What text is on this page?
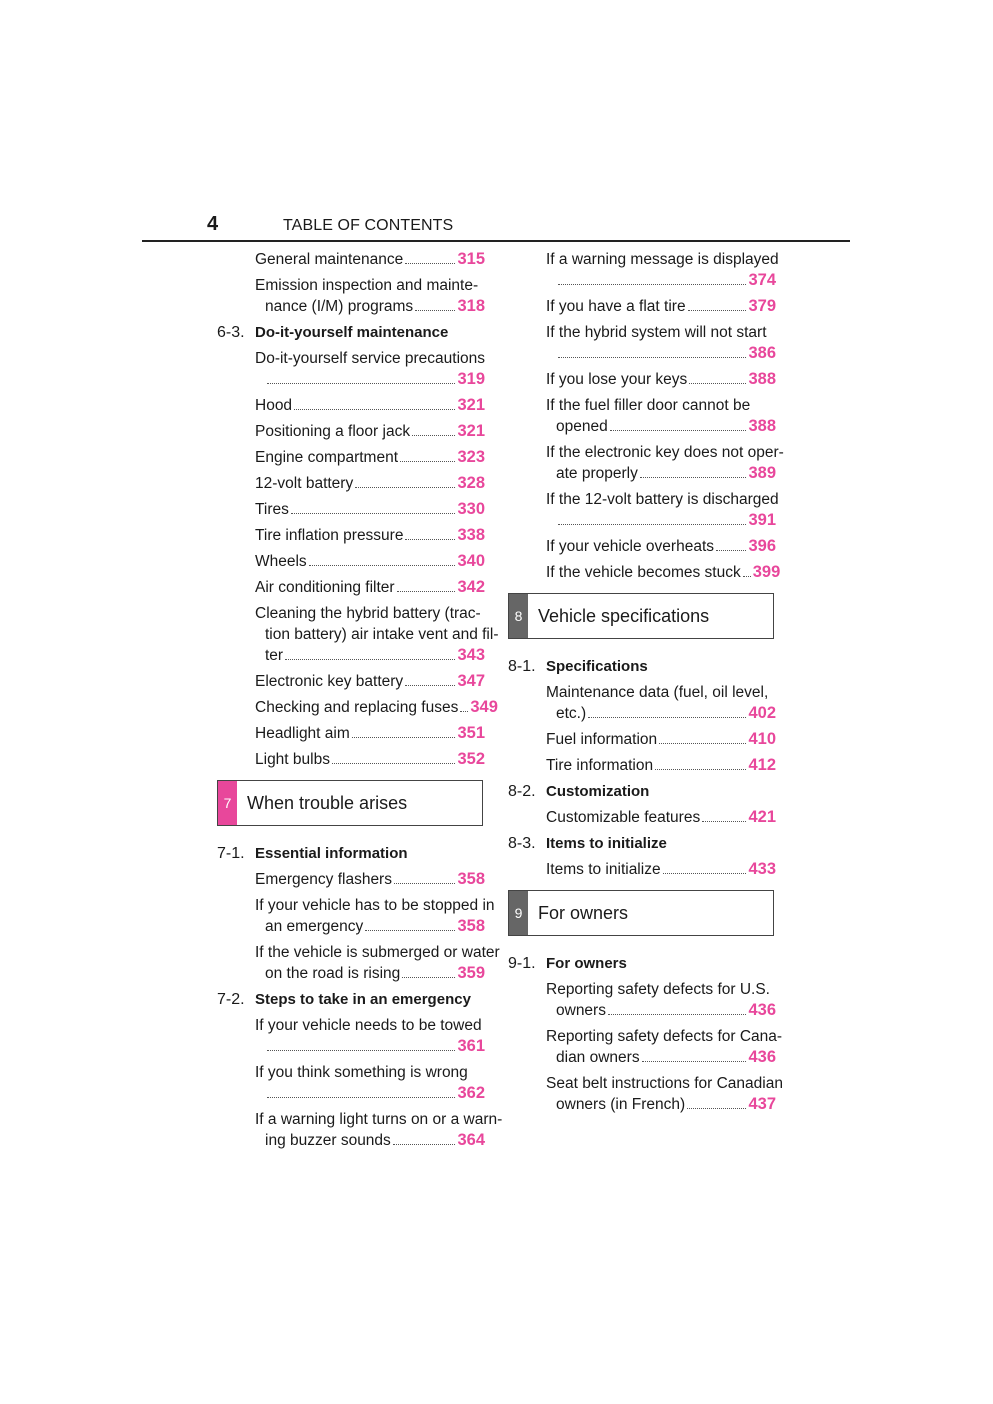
4	TABLE OF CONTENTS
General maintenance	315
Emission inspection and mainte-
nance (I/M) programs	318
6-3. Do-it-yourself maintenance
Do-it-yourself service precautions
319
Hood	321
Positioning a floor jack	321
Engine compartment	323
12-volt battery	328
Tires	330
Tire inflation pressure	338
Wheels	340
Air conditioning filter	342
Cleaning the hybrid battery (trac-
tion battery) air intake vent and fil-
ter	343
Electronic key battery	347
Checking and replacing fuses 349
Headlight aim	351
Light bulbs	352
7 When trouble arises
7-1. Essential information
Emergency flashers	358
If your vehicle has to be stopped in
an emergency	358
If the vehicle is submerged or water
on the road is rising	359
7-2. Steps to take in an emergency
If your vehicle needs to be towed
361
If you think something is wrong
362
If a warning light turns on or a warn-
ing buzzer sounds	364
If a warning message is displayed
374
If you have a flat tire	379
If the hybrid system will not start
386
If you lose your keys	388
If the fuel filler door cannot be
opened	388
If the electronic key does not oper-
ate properly	389
If the 12-volt battery is discharged
391
If your vehicle overheats 396
If the vehicle becomes stuck 399
8 Vehicle specifications
8-1. Specifications
Maintenance data (fuel, oil level,
etc.)	402
Fuel information	410
Tire information	412
8-2. Customization
Customizable features	421
8-3. Items to initialize
Items to initialize	433
9 For owners
9-1. For owners
Reporting safety defects for U.S.
owners	436
Reporting safety defects for Cana-
dian owners	436
Seat belt instructions for Canadian
owners (in French)	437
